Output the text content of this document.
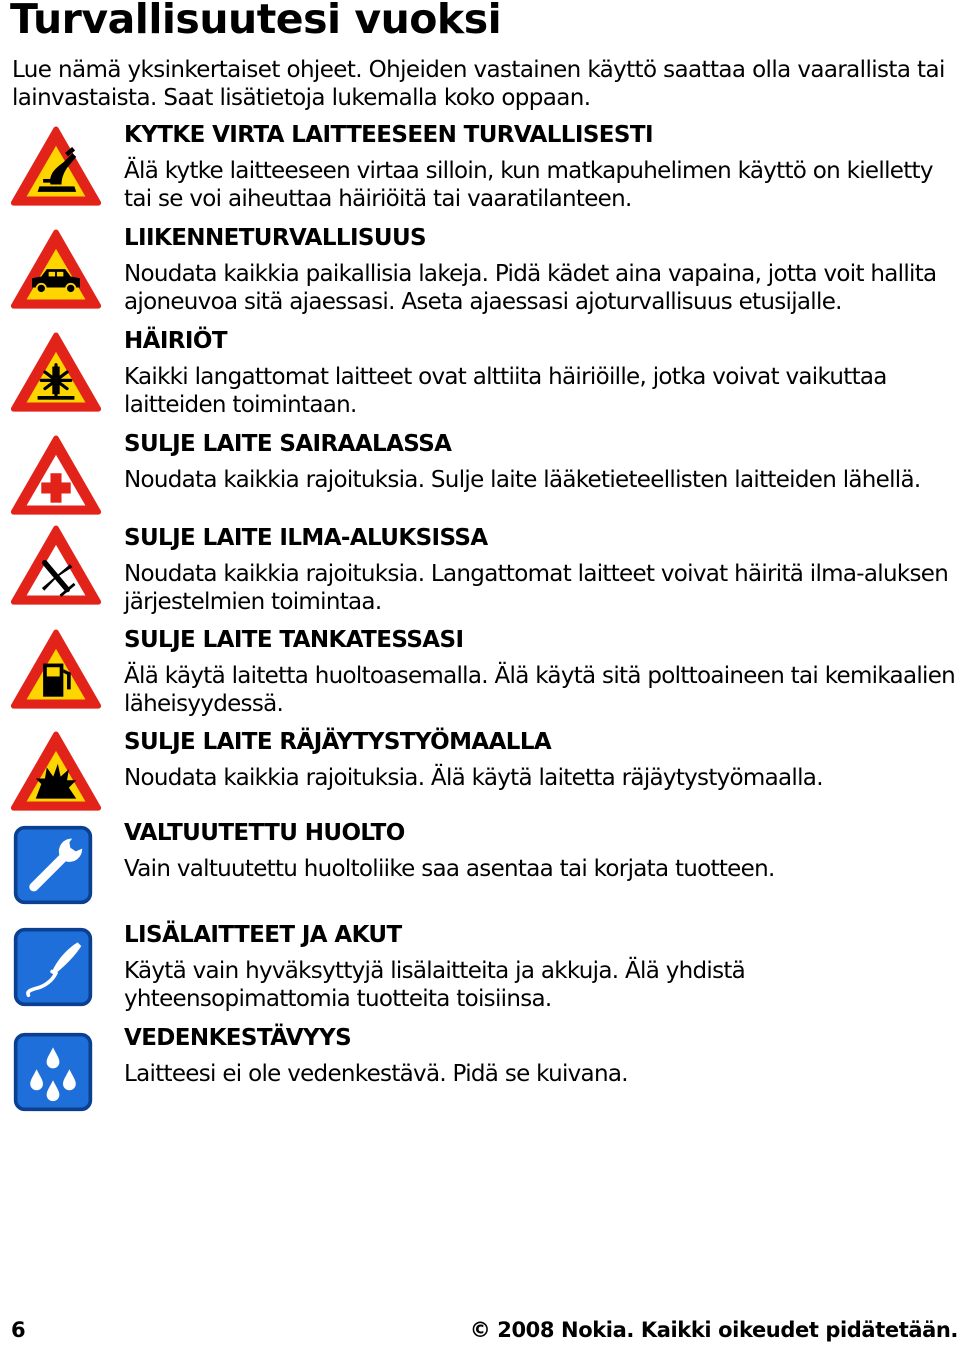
Turvallisuutesi vuoksi
Lue nämä yksinkertaiset ohjeet. Ohjeiden vastainen käyttö saattaa olla vaarallista tai lainvastaista. Saat lisätietoja lukemalla koko oppaan.
KYTKE VIRTA LAITTEESEEN TURVALLISESTI
Älä kytke laitteeseen virtaa silloin, kun matkapuhelimen käyttö on kielletty tai se voi aiheuttaa häiriöitä tai vaaratilanteen.
LIIKENNETURVALLISUUS
Noudata kaikkia paikallisia lakeja. Pidä kädet aina vapaina, jotta voit hallita ajoneuvoa sitä ajaessasi. Aseta ajaessasi ajoturvallisuus etusijalle.
HÄIRIÖT
Kaikki langattomat laitteet ovat alttiita häiriöille, jotka voivat vaikuttaa laitteiden toimintaan.
SULJE LAITE SAIRAALASSA
Noudata kaikkia rajoituksia. Sulje laite lääketieteellisten laitteiden lähellä.
SULJE LAITE ILMA-ALUKSISSA
Noudata kaikkia rajoituksia. Langattomat laitteet voivat häiritä ilma-aluksen järjestelmien toimintaa.
SULJE LAITE TANKATESSASI
Älä käytä laitetta huoltoasemalla. Älä käytä sitä polttoaineen tai kemikaalien läheisyydessä.
SULJE LAITE RÄJÄYTYSTYÖMAALLA
Noudata kaikkia rajoituksia. Älä käytä laitetta räjäytystyömaalla.
VALTUUTETTU HUOLTO
Vain valtuutettu huoltoliike saa asentaa tai korjata tuotteen.
LISÄLAITTEET JA AKUT
Käytä vain hyväksyttyjä lisälaitteita ja akkuja. Älä yhdistä yhteensopimattomia tuotteita toisiinsa.
VEDENKESTÄVYYS
Laitteesi ei ole vedenkestävä. Pidä se kuivana.
6	© 2008 Nokia. Kaikki oikeudet pidätetään.
